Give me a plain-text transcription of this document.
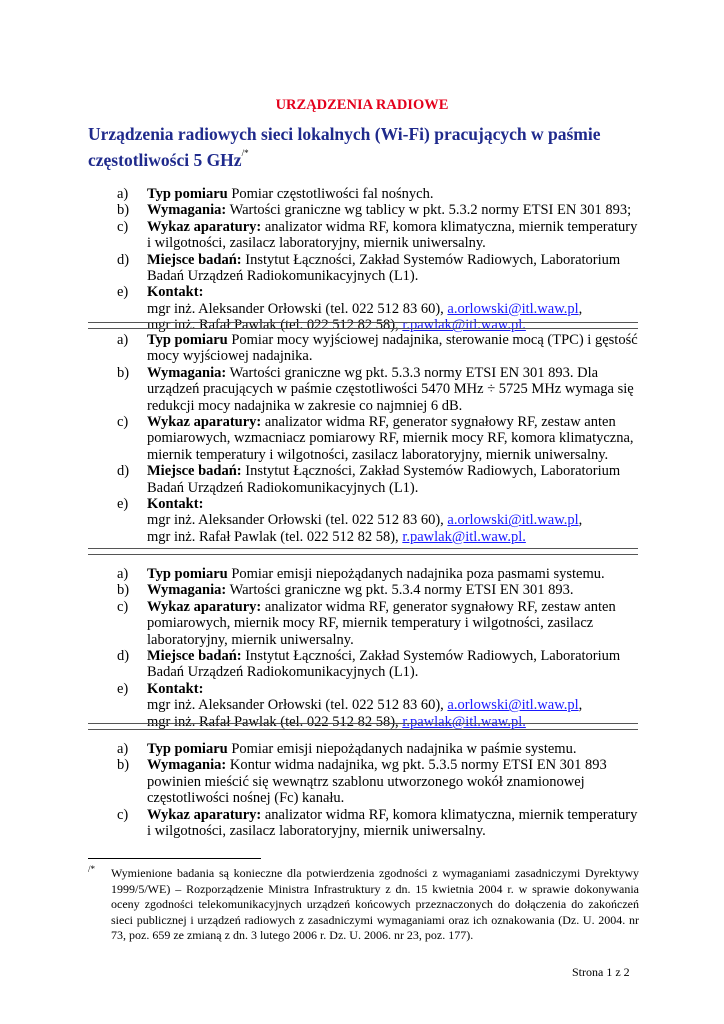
URZĄDZENIA RADIOWE
Urządzenia radiowych sieci lokalnych (Wi-Fi) pracujących w paśmie częstotliwości 5 GHz/*
a) Typ pomiaru Pomiar częstotliwości fal nośnych.
b) Wymagania: Wartości graniczne wg tablicy w pkt. 5.3.2 normy ETSI EN 301 893;
c) Wykaz aparatury: analizator widma RF, komora klimatyczna, miernik temperatury i wilgotności, zasilacz laboratoryjny, miernik uniwersalny.
d) Miejsce badań: Instytut Łączności, Zakład Systemów Radiowych, Laboratorium Badań Urządzeń Radiokomunikacyjnych (L1).
e) Kontakt:
mgr inż. Aleksander Orłowski (tel. 022 512 83 60), a.orlowski@itl.waw.pl,
mgr inż. Rafał Pawlak (tel. 022 512 82 58), r.pawlak@itl.waw.pl.
a) Typ pomiaru Pomiar mocy wyjściowej nadajnika, sterowanie mocą (TPC) i gęstość mocy wyjściowej nadajnika.
b) Wymagania: Wartości graniczne wg pkt. 5.3.3 normy ETSI EN 301 893. Dla urządzeń pracujących w paśmie częstotliwości 5470 MHz ÷ 5725 MHz wymaga się redukcji mocy nadajnika w zakresie co najmniej 6 dB.
c) Wykaz aparatury: analizator widma RF, generator sygnałowy RF, zestaw anten pomiarowych, wzmacniacz pomiarowy RF, miernik mocy RF, komora klimatyczna, miernik temperatury i wilgotności, zasilacz laboratoryjny, miernik uniwersalny.
d) Miejsce badań: Instytut Łączności, Zakład Systemów Radiowych, Laboratorium Badań Urządzeń Radiokomunikacyjnych (L1).
e) Kontakt:
mgr inż. Aleksander Orłowski (tel. 022 512 83 60), a.orlowski@itl.waw.pl,
mgr inż. Rafał Pawlak (tel. 022 512 82 58), r.pawlak@itl.waw.pl.
a) Typ pomiaru Pomiar emisji niepożądanych nadajnika poza pasmami systemu.
b) Wymagania: Wartości graniczne wg pkt. 5.3.4 normy ETSI EN 301 893.
c) Wykaz aparatury: analizator widma RF, generator sygnałowy RF, zestaw anten pomiarowych, miernik mocy RF, miernik temperatury i wilgotności, zasilacz laboratoryjny, miernik uniwersalny.
d) Miejsce badań: Instytut Łączności, Zakład Systemów Radiowych, Laboratorium Badań Urządzeń Radiokomunikacyjnych (L1).
e) Kontakt:
mgr inż. Aleksander Orłowski (tel. 022 512 83 60), a.orlowski@itl.waw.pl,
mgr inż. Rafał Pawlak (tel. 022 512 82 58), r.pawlak@itl.waw.pl.
a) Typ pomiaru Pomiar emisji niepożądanych nadajnika w paśmie systemu.
b) Wymagania: Kontur widma nadajnika, wg pkt. 5.3.5 normy ETSI EN 301 893 powinien mieścić się wewnątrz szablonu utworzonego wokół znamionowej częstotliwości nośnej (Fc) kanału.
c) Wykaz aparatury: analizator widma RF, komora klimatyczna, miernik temperatury i wilgotności, zasilacz laboratoryjny, miernik uniwersalny.
/* Wymienione badania są konieczne dla potwierdzenia zgodności z wymaganiami zasadniczymi Dyrektywy 1999/5/WE) – Rozporządzenie Ministra Infrastruktury z dn. 15 kwietnia 2004 r. w sprawie dokonywania oceny zgodności telekomunikacyjnych urządzeń końcowych przeznaczonych do dołączenia do zakończeń sieci publicznej i urządzeń radiowych z zasadniczymi wymaganiami oraz ich oznakowania (Dz. U. 2004. nr 73, poz. 659 ze zmianą z dn. 3 lutego 2006 r. Dz. U. 2006. nr 23, poz. 177).

Strona 1 z 2
